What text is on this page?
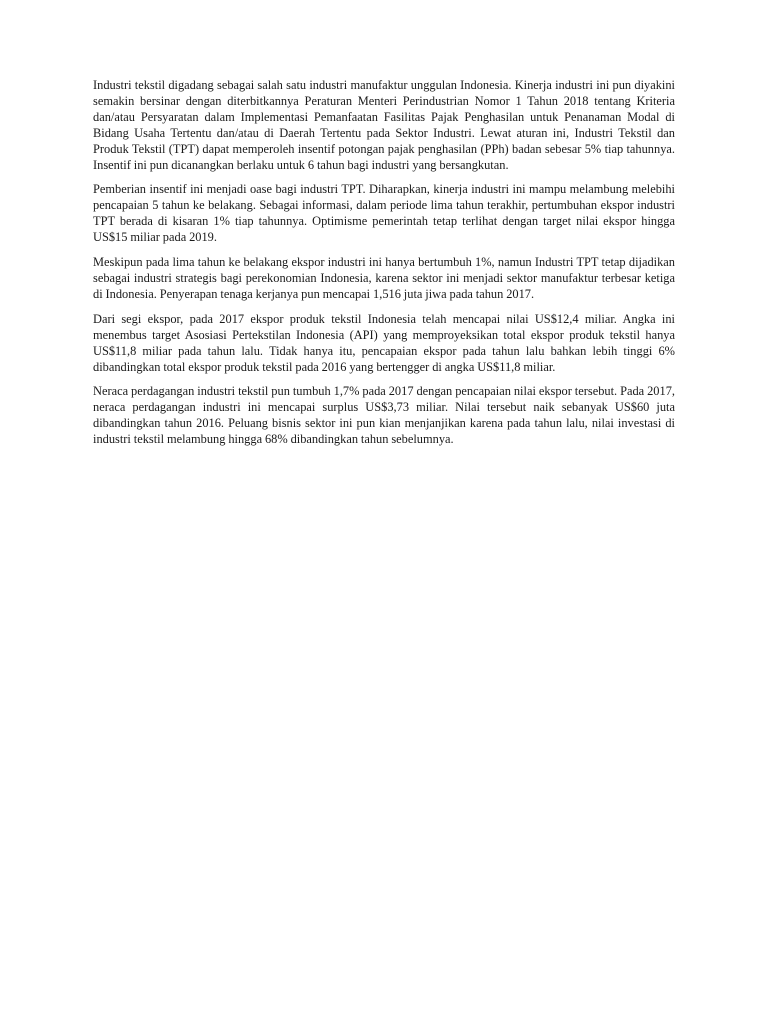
Industri tekstil digadang sebagai salah satu industri manufaktur unggulan Indonesia. Kinerja industri ini pun diyakini semakin bersinar dengan diterbitkannya Peraturan Menteri Perindustrian Nomor 1 Tahun 2018 tentang Kriteria dan/atau Persyaratan dalam Implementasi Pemanfaatan Fasilitas Pajak Penghasilan untuk Penanaman Modal di Bidang Usaha Tertentu dan/atau di Daerah Tertentu pada Sektor Industri. Lewat aturan ini, Industri Tekstil dan Produk Tekstil (TPT) dapat memperoleh insentif potongan pajak penghasilan (PPh) badan sebesar 5% tiap tahunnya. Insentif ini pun dicanangkan berlaku untuk 6 tahun bagi industri yang bersangkutan.

Pemberian insentif ini menjadi oase bagi industri TPT. Diharapkan, kinerja industri ini mampu melambung melebihi pencapaian 5 tahun ke belakang. Sebagai informasi, dalam periode lima tahun terakhir, pertumbuhan ekspor industri TPT berada di kisaran 1% tiap tahunnya. Optimisme pemerintah tetap terlihat dengan target nilai ekspor hingga US$15 miliar pada 2019.

Meskipun pada lima tahun ke belakang ekspor industri ini hanya bertumbuh 1%, namun Industri TPT tetap dijadikan sebagai industri strategis bagi perekonomian Indonesia, karena sektor ini menjadi sektor manufaktur terbesar ketiga di Indonesia. Penyerapan tenaga kerjanya pun mencapai 1,516 juta jiwa pada tahun 2017.

Dari segi ekspor, pada 2017 ekspor produk tekstil Indonesia telah mencapai nilai US$12,4 miliar. Angka ini menembus target Asosiasi Pertekstilan Indonesia (API) yang memproyeksikan total ekspor produk tekstil hanya US$11,8 miliar pada tahun lalu. Tidak hanya itu, pencapaian ekspor pada tahun lalu bahkan lebih tinggi 6% dibandingkan total ekspor produk tekstil pada 2016 yang bertengger di angka US$11,8 miliar.

Neraca perdagangan industri tekstil pun tumbuh 1,7% pada 2017 dengan pencapaian nilai ekspor tersebut. Pada 2017, neraca perdagangan industri ini mencapai surplus US$3,73 miliar. Nilai tersebut naik sebanyak US$60 juta dibandingkan tahun 2016. Peluang bisnis sektor ini pun kian menjanjikan karena pada tahun lalu, nilai investasi di industri tekstil melambung hingga 68% dibandingkan tahun sebelumnya.
